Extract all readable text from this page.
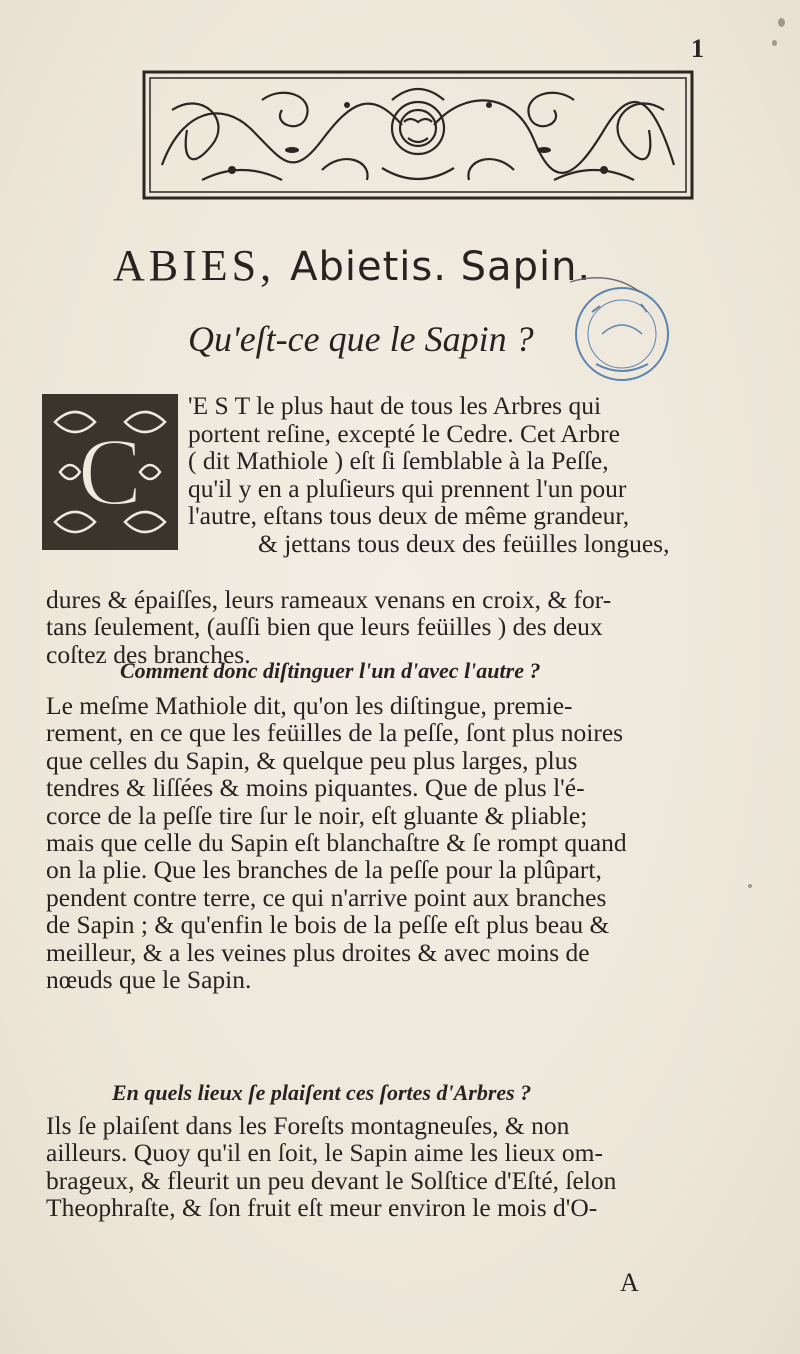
1
ABIES, Abietis. Sapin.
Qu'eſt-ce que le Sapin ?
C
'E S T le plus haut de tous les Arbres qui
portent reſine, excepté le Cedre. Cet Arbre
( dit Mathiole ) eſt ſi ſemblable à la Peſſe,
qu'il y en a pluſieurs qui prennent l'un pour
l'autre, eſtans tous deux de même grandeur,
& jettans tous deux des feüilles longues,
dures & épaiſſes, leurs rameaux venans en croix, & for-
tans ſeulement, (auſſi bien que leurs feüilles ) des deux
coſtez des branches.
Comment donc diſtinguer l'un d'avec l'autre ?
Le meſme Mathiole dit, qu'on les diſtingue, premie-
rement, en ce que les feüilles de la peſſe, ſont plus noires
que celles du Sapin, & quelque peu plus larges, plus
tendres & liſſées & moins piquantes. Que de plus l'é-
corce de la peſſe tire ſur le noir, eſt gluante & pliable;
mais que celle du Sapin eſt blanchaſtre & ſe rompt quand
on la plie. Que les branches de la peſſe pour la plûpart,
pendent contre terre, ce qui n'arrive point aux branches
de Sapin ; & qu'enfin le bois de la peſſe eſt plus beau &
meilleur, & a les veines plus droites & avec moins de
nœuds que le Sapin.
En quels lieux ſe plaiſent ces ſortes d'Arbres ?
Ils ſe plaiſent dans les Foreſts montagneuſes, & non
ailleurs. Quoy qu'il en ſoit, le Sapin aime les lieux om-
brageux, & fleurit un peu devant le Solſtice d'Eſté, ſelon
Theophraſte, & ſon fruit eſt meur environ le mois d'O-
A
